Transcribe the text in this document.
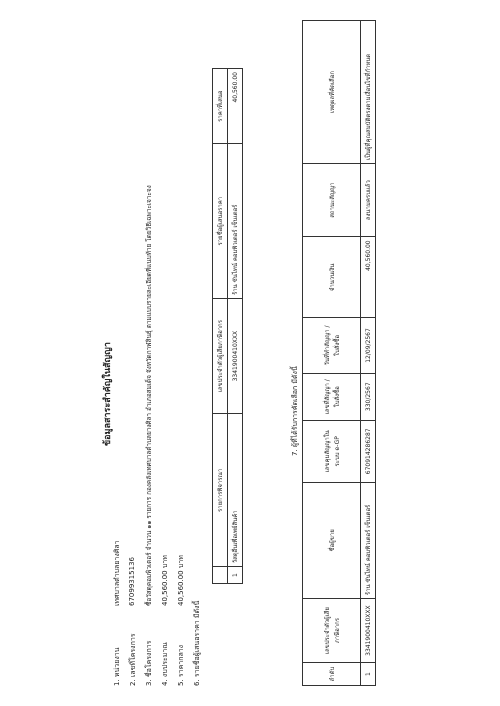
ข้อมูลสาระสำคัญในสัญญา
1. หน่วยงาน
เทศบาลตำบลยางศิลา
2. เลขที่โครงการ
67099315136
3. ชื่อโครงการ
ซื้อวัสดุคอมพิวเตอร์ จำนวน ๑๑ รายการ กองคลังเทศบาลตำบลยางศิลา อำเภอสมเด็จ จังหวัดกาฬสินธุ์ ตามแบบรายละเอียดที่แนบท้าย โดยวิธีเฉพาะเจาะจง
4. งบประมาณ
40,560.00 บาท
5. ราคากลาง
40,560.00 บาท
6. รายชื่อผู้เสนอราคา มีดังนี้
	รายการพิจารณา	เลขประจำตัวผู้เสียภาษีอากร	รายชื่อผู้เสนอราคา	ราคาที่เสนอ
1	วัสดุอื่นเพื่อเพย์สินค้า	3341900410XXX	ร้าน ซันไทน์ คอมพิวเตอร์ เซ็นเตอร์	40,560.00
7. ผู้ที่ได้รับการคัดเลือก มีดังนี้
ลำดับ	เลขประจำตัวผู้เสียภาษีอากร	ชื่อผู้ขาย	เลขคุมสัญญาในระบบ e-GP	เลขที่สัญญา / ใบสั่งซื้อ	วันที่ทำสัญญา / ใบสั่งซื้อ	จำนวนเงิน	สถานะสัญญา	เหตุผลที่คัดเลือก
1	3341900410XXX	ร้าน ซันไทน์ คอมพิวเตอร์ เซ็นเตอร์	670914286287	330/2567	12/09/2567	40,560.00	ลงนามครบแล้ว	เป็นผู้ที่คุณสมบัติตรงตามเงื่อนไขที่กำหนด
